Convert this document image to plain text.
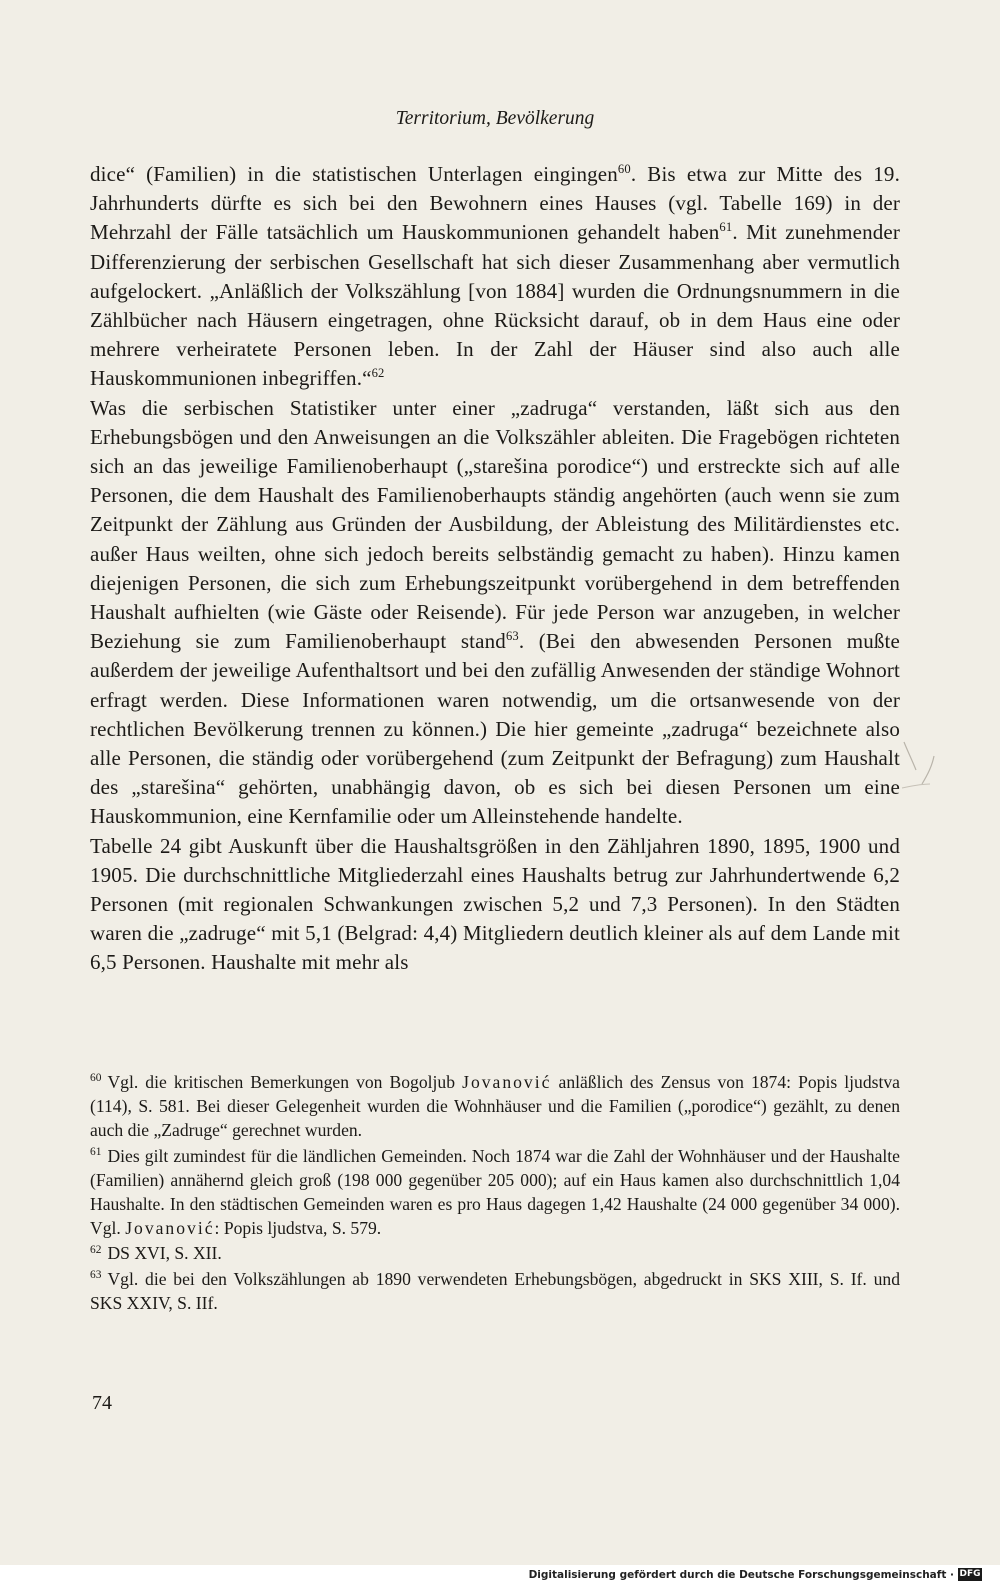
Territorium, Bevölkerung

dice“ (Familien) in die statistischen Unterlagen eingingen$^{60}$. Bis etwa zur Mitte des 19. Jahrhunderts dürfte es sich bei den Bewohnern eines Hauses (vgl. Tabelle 169) in der Mehrzahl der Fälle tatsächlich um Hauskommunionen gehandelt haben$^{61}$. Mit zunehmender Differenzierung der serbischen Gesellschaft hat sich dieser Zusammenhang aber vermutlich aufgelockert. „Anläßlich der Volkszählung [von 1884] wurden die Ordnungsnummern in die Zählbücher nach Häusern eingetragen, ohne Rücksicht darauf, ob in dem Haus eine oder mehrere verheiratete Personen leben. In der Zahl der Häuser sind also auch alle Hauskommunionen inbegriffen.“$^{62}$

Was die serbischen Statistiker unter einer „zadruga“ verstanden, läßt sich aus den Erhebungsbögen und den Anweisungen an die Volkszähler ableiten. Die Fragebögen richteten sich an das jeweilige Familienoberhaupt („starešina porodice“) und erstreckte sich auf alle Personen, die dem Haushalt des Familienoberhaupts ständig angehörten (auch wenn sie zum Zeitpunkt der Zählung aus Gründen der Ausbildung, der Ableistung des Militärdienstes etc. außer Haus weilten, ohne sich jedoch bereits selbständig gemacht zu haben). Hinzu kamen diejenigen Personen, die sich zum Erhebungszeitpunkt vorübergehend in dem betreffenden Haushalt aufhielten (wie Gäste oder Reisende). Für jede Person war anzugeben, in welcher Beziehung sie zum Familienoberhaupt stand$^{63}$. (Bei den abwesenden Personen mußte außerdem der jeweilige Aufenthaltsort und bei den zufällig Anwesenden der ständige Wohnort erfragt werden. Diese Informationen waren notwendig, um die ortsanwesende von der rechtlichen Bevölkerung trennen zu können.) Die hier gemeinte „zadruga“ bezeichnete also alle Personen, die ständig oder vorübergehend (zum Zeitpunkt der Befragung) zum Haushalt des „starešina“ gehörten, unabhängig davon, ob es sich bei diesen Personen um eine Hauskommunion, eine Kernfamilie oder um Alleinstehende handelte.

Tabelle 24 gibt Auskunft über die Haushaltsgrößen in den Zähljahren 1890, 1895, 1900 und 1905. Die durchschnittliche Mitgliederzahl eines Haushalts betrug zur Jahrhundertwende 6,2 Personen (mit regionalen Schwankungen zwischen 5,2 und 7,3 Personen). In den Städten waren die „zadruge“ mit 5,1 (Belgrad: 4,4) Mitgliedern deutlich kleiner als auf dem Lande mit 6,5 Personen. Haushalte mit mehr als

$^{60}$ Vgl. die kritischen Bemerkungen von Bogoljub Jovanović anläßlich des Zensus von 1874: Popis ljudstva (114), S. 581. Bei dieser Gelegenheit wurden die Wohnhäuser und die Familien („porodice“) gezählt, zu denen auch die „Zadruge“ gerechnet wurden.

$^{61}$ Dies gilt zumindest für die ländlichen Gemeinden. Noch 1874 war die Zahl der Wohnhäuser und der Haushalte (Familien) annähernd gleich groß (198 000 gegenüber 205 000); auf ein Haus kamen also durchschnittlich 1,04 Haushalte. In den städtischen Gemeinden waren es pro Haus dagegen 1,42 Haushalte (24 000 gegenüber 34 000). Vgl. Jovanović: Popis ljudstva, S. 579.

$^{62}$ DS XVI, S. XII.

$^{63}$ Vgl. die bei den Volkszählungen ab 1890 verwendeten Erhebungsbögen, abgedruckt in SKS XIII, S. If. und SKS XXIV, S. IIf.

74
Digitalisierung gefördert durch die Deutsche Forschungsgemeinschaft · DFG
